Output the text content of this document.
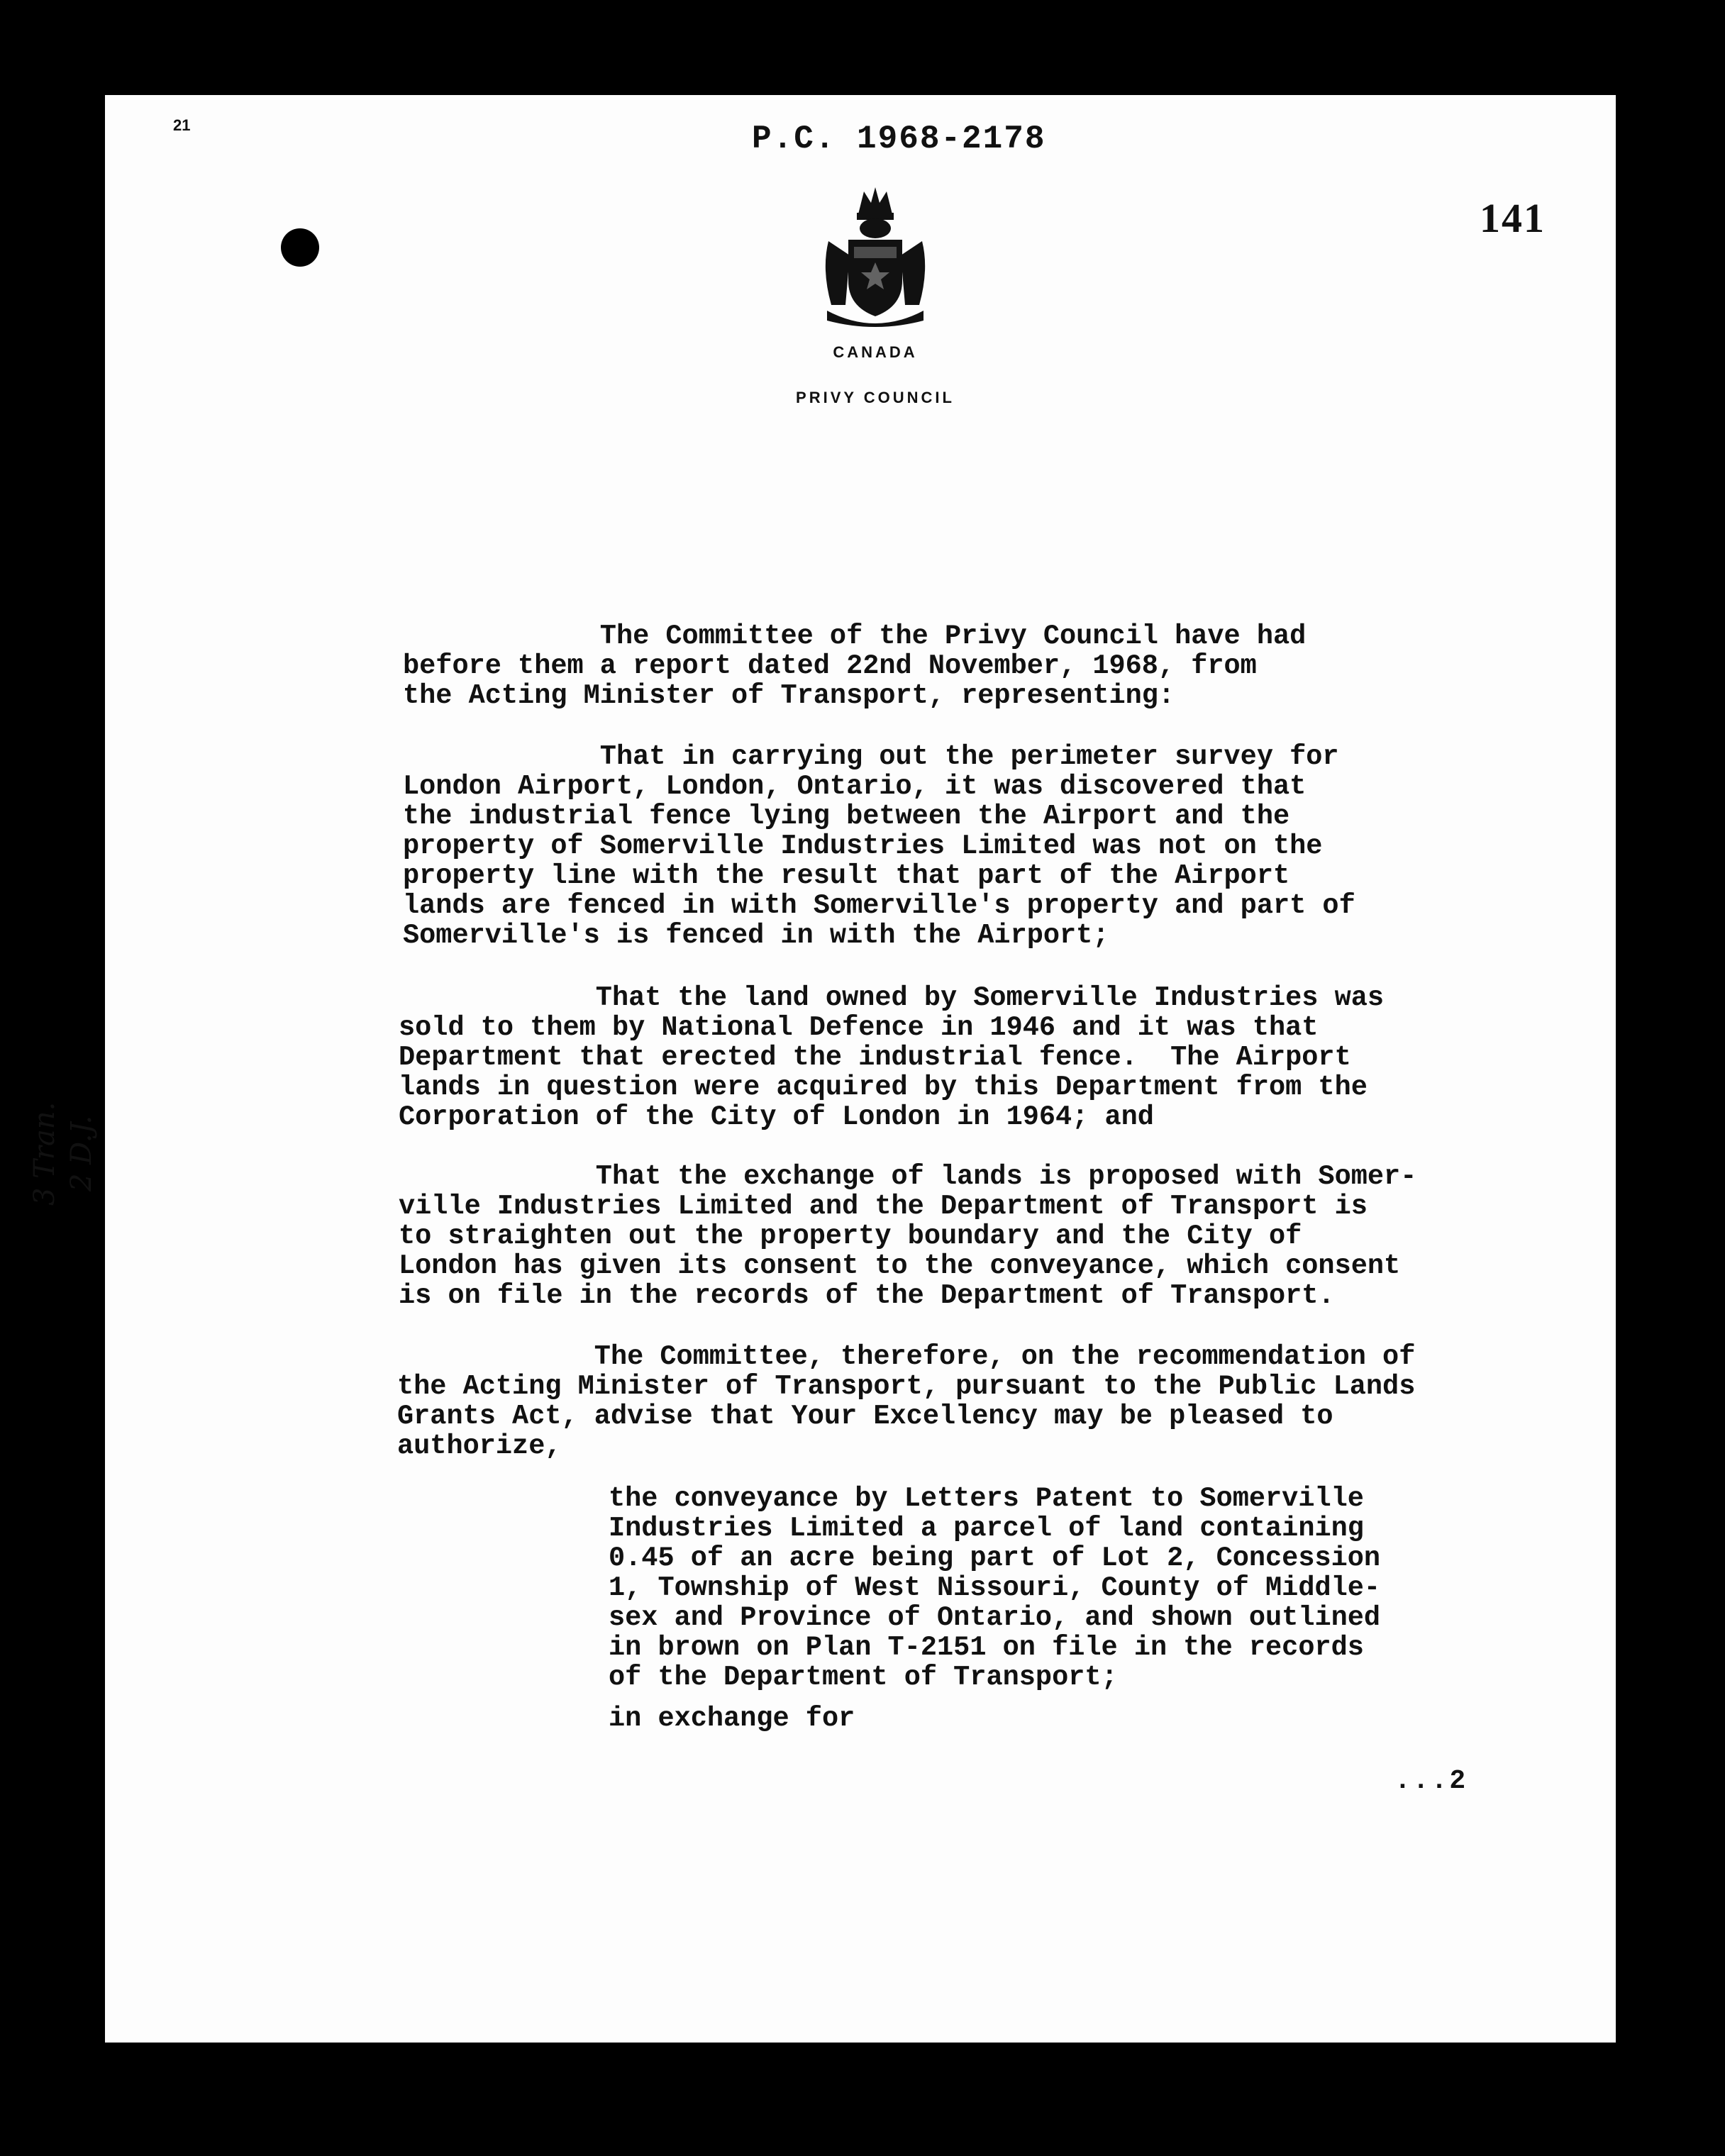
21	P.C. 1968-2178
141
CANADA
PRIVY COUNCIL
The Committee of the Privy Council have had
before them a report dated 22nd November, 1968, from
the Acting Minister of Transport, representing:
That in carrying out the perimeter survey for
London Airport, London, Ontario, it was discovered that
the industrial fence lying between the Airport and the
property of Somerville Industries Limited was not on the
property line with the result that part of the Airport
lands are fenced in with Somerville's property and part of
Somerville's is fenced in with the Airport;
That the land owned by Somerville Industries was
sold to them by National Defence in 1946 and it was that
Department that erected the industrial fence.  The Airport
lands in question were acquired by this Department from the
Corporation of the City of London in 1964; and
That the exchange of lands is proposed with Somer-
ville Industries Limited and the Department of Transport is
to straighten out the property boundary and the City of
London has given its consent to the conveyance, which consent
is on file in the records of the Department of Transport.
The Committee, therefore, on the recommendation of
the Acting Minister of Transport, pursuant to the Public Lands
Grants Act, advise that Your Excellency may be pleased to
authorize,
the conveyance by Letters Patent to Somerville
Industries Limited a parcel of land containing
0.45 of an acre being part of Lot 2, Concession
1, Township of West Nissouri, County of Middle-
sex and Province of Ontario, and shown outlined
in brown on Plan T-2151 on file in the records
of the Department of Transport;
in exchange for
...2
3 Tran. 2 D.J.
